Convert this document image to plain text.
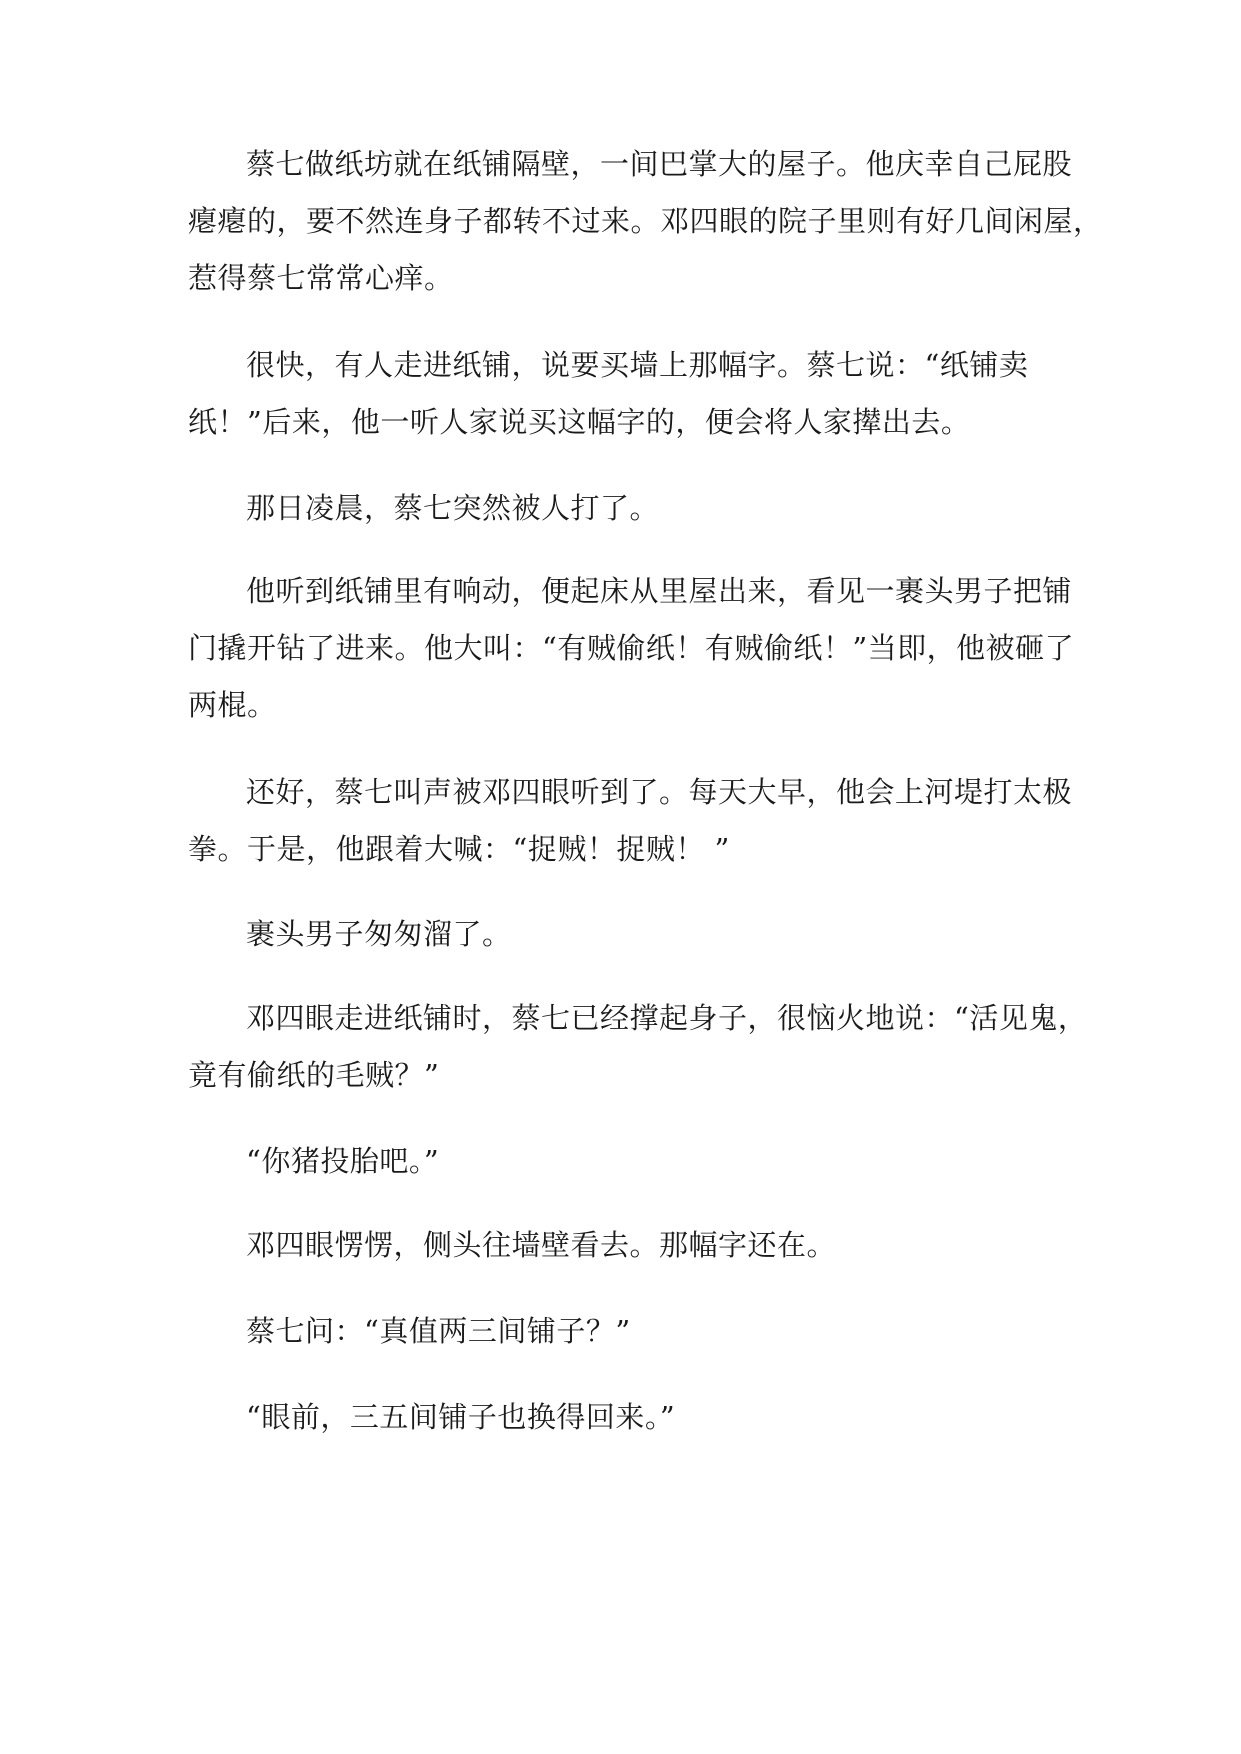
蔡七做纸坊就在纸铺隔壁，一间巴掌大的屋子。他庆幸自己屁股
瘪瘪的，要不然连身子都转不过来。邓四眼的院子里则有好几间闲屋，
惹得蔡七常常心痒。

很快，有人走进纸铺，说要买墙上那幅字。蔡七说：“纸铺卖
纸！”后来，他一听人家说买这幅字的，便会将人家撵出去。

那日凌晨，蔡七突然被人打了。

他听到纸铺里有响动，便起床从里屋出来，看见一裹头男子把铺
门撬开钻了进来。他大叫：“有贼偷纸！有贼偷纸！”当即，他被砸了
两棍。

还好，蔡七叫声被邓四眼听到了。每天大早，他会上河堤打太极
拳。于是，他跟着大喊：“捉贼！捉贼！ ”

裹头男子匆匆溜了。

邓四眼走进纸铺时，蔡七已经撑起身子，很恼火地说：“活见鬼，
竟有偷纸的毛贼？”

“你猪投胎吧。”

邓四眼愣愣，侧头往墙壁看去。那幅字还在。

蔡七问：“真值两三间铺子？”

“眼前，三五间铺子也换得回来。”
